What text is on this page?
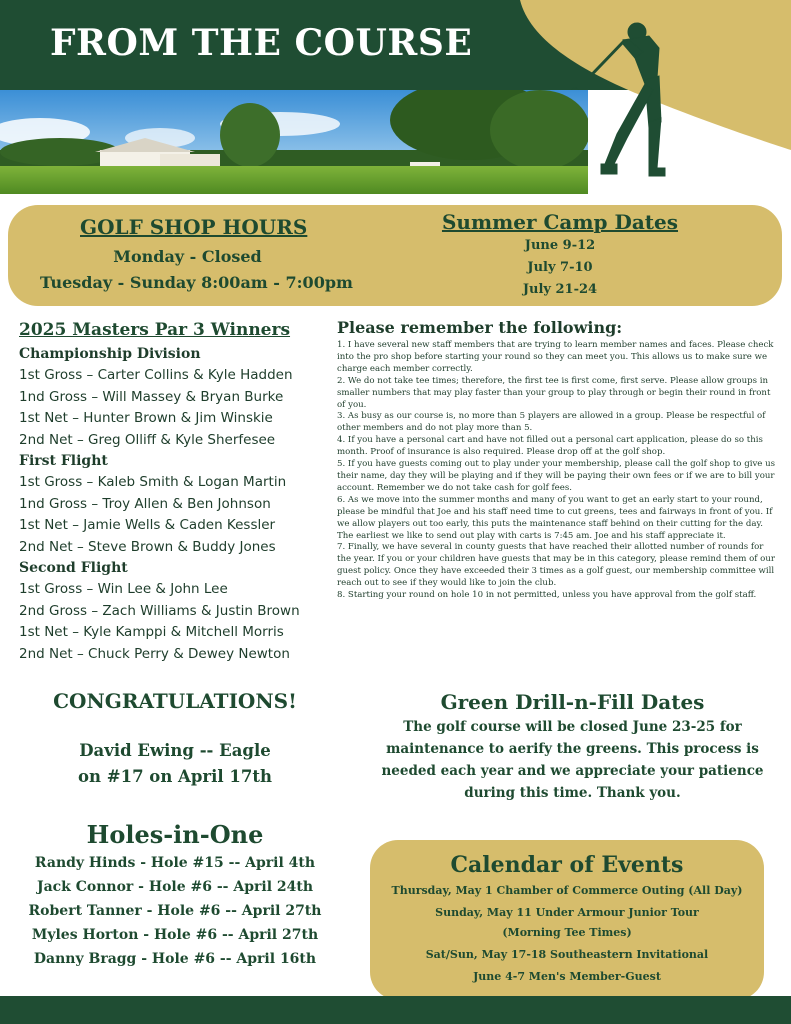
FROM THE COURSE
GOLF SHOP HOURS
Monday - Closed
Tuesday - Sunday 8:00am - 7:00pm
Summer Camp Dates
June 9-12
July 7-10
July 21-24
2025 Masters Par 3 Winners
Championship Division
1st Gross – Carter Collins & Kyle Hadden
1nd Gross – Will Massey & Bryan Burke
1st Net – Hunter Brown & Jim Winskie
2nd Net – Greg Olliff & Kyle Sherfesee
First Flight
1st Gross – Kaleb Smith & Logan Martin
1nd Gross – Troy Allen & Ben Johnson
1st Net – Jamie Wells & Caden Kessler
2nd Net – Steve Brown & Buddy Jones
Second Flight
1st Gross – Win Lee & John Lee
2nd Gross – Zach Williams & Justin Brown
1st Net – Kyle Kamppi & Mitchell Morris
2nd Net – Chuck Perry & Dewey Newton
Please remember the following:

1. I have several new staff members that are trying to learn member names and faces. Please check into the pro shop before starting your round so they can meet you. This allows us to make sure we charge each member correctly.

2. We do not take tee times; therefore, the first tee is first come, first serve. Please allow groups in smaller numbers that may play faster than your group to play through or begin their round in front of you.

3. As busy as our course is, no more than 5 players are allowed in a group. Please be respectful of other members and do not play more than 5.

4. If you have a personal cart and have not filled out a personal cart application, please do so this month. Proof of insurance is also required. Please drop off at the golf shop.

5. If you have guests coming out to play under your membership, please call the golf shop to give us their name, day they will be playing and if they will be paying their own fees or if we are to bill your account. Remember we do not take cash for golf fees.

6. As we move into the summer months and many of you want to get an early start to your round, please be mindful that Joe and his staff need time to cut greens, tees and fairways in front of you. If we allow players out too early, this puts the maintenance staff behind on their cutting for the day. The earliest we like to send out play with carts is 7:45 am. Joe and his staff appreciate it.

7. Finally, we have several in county guests that have reached their allotted number of rounds for the year. If you or your children have guests that may be in this category, please remind them of our guest policy. Once they have exceeded their 3 times as a golf guest, our membership committee will reach out to see if they would like to join the club.

8. Starting your round on hole 10 in not permitted, unless you have approval from the golf staff.

CONGRATULATIONS!
David Ewing -- Eagle
on #17 on April 17th
Green Drill-n-Fill Dates
The golf course will be closed June 23-25 for
maintenance to aerify the greens. This process is
needed each year and we appreciate your patience
during this time. Thank you.
Holes-in-One
Randy Hinds - Hole #15 -- April 4th
Jack Connor - Hole #6 -- April 24th
Robert Tanner - Hole #6 -- April 27th
Myles Horton - Hole #6 -- April 27th
Danny Bragg - Hole #6 -- April 16th
Calendar of Events
Thursday, May 1 Chamber of Commerce Outing (All Day)
Sunday, May 11 Under Armour Junior Tour
(Morning Tee Times)
Sat/Sun, May 17-18 Southeastern Invitational
June 4-7 Men's Member-Guest
